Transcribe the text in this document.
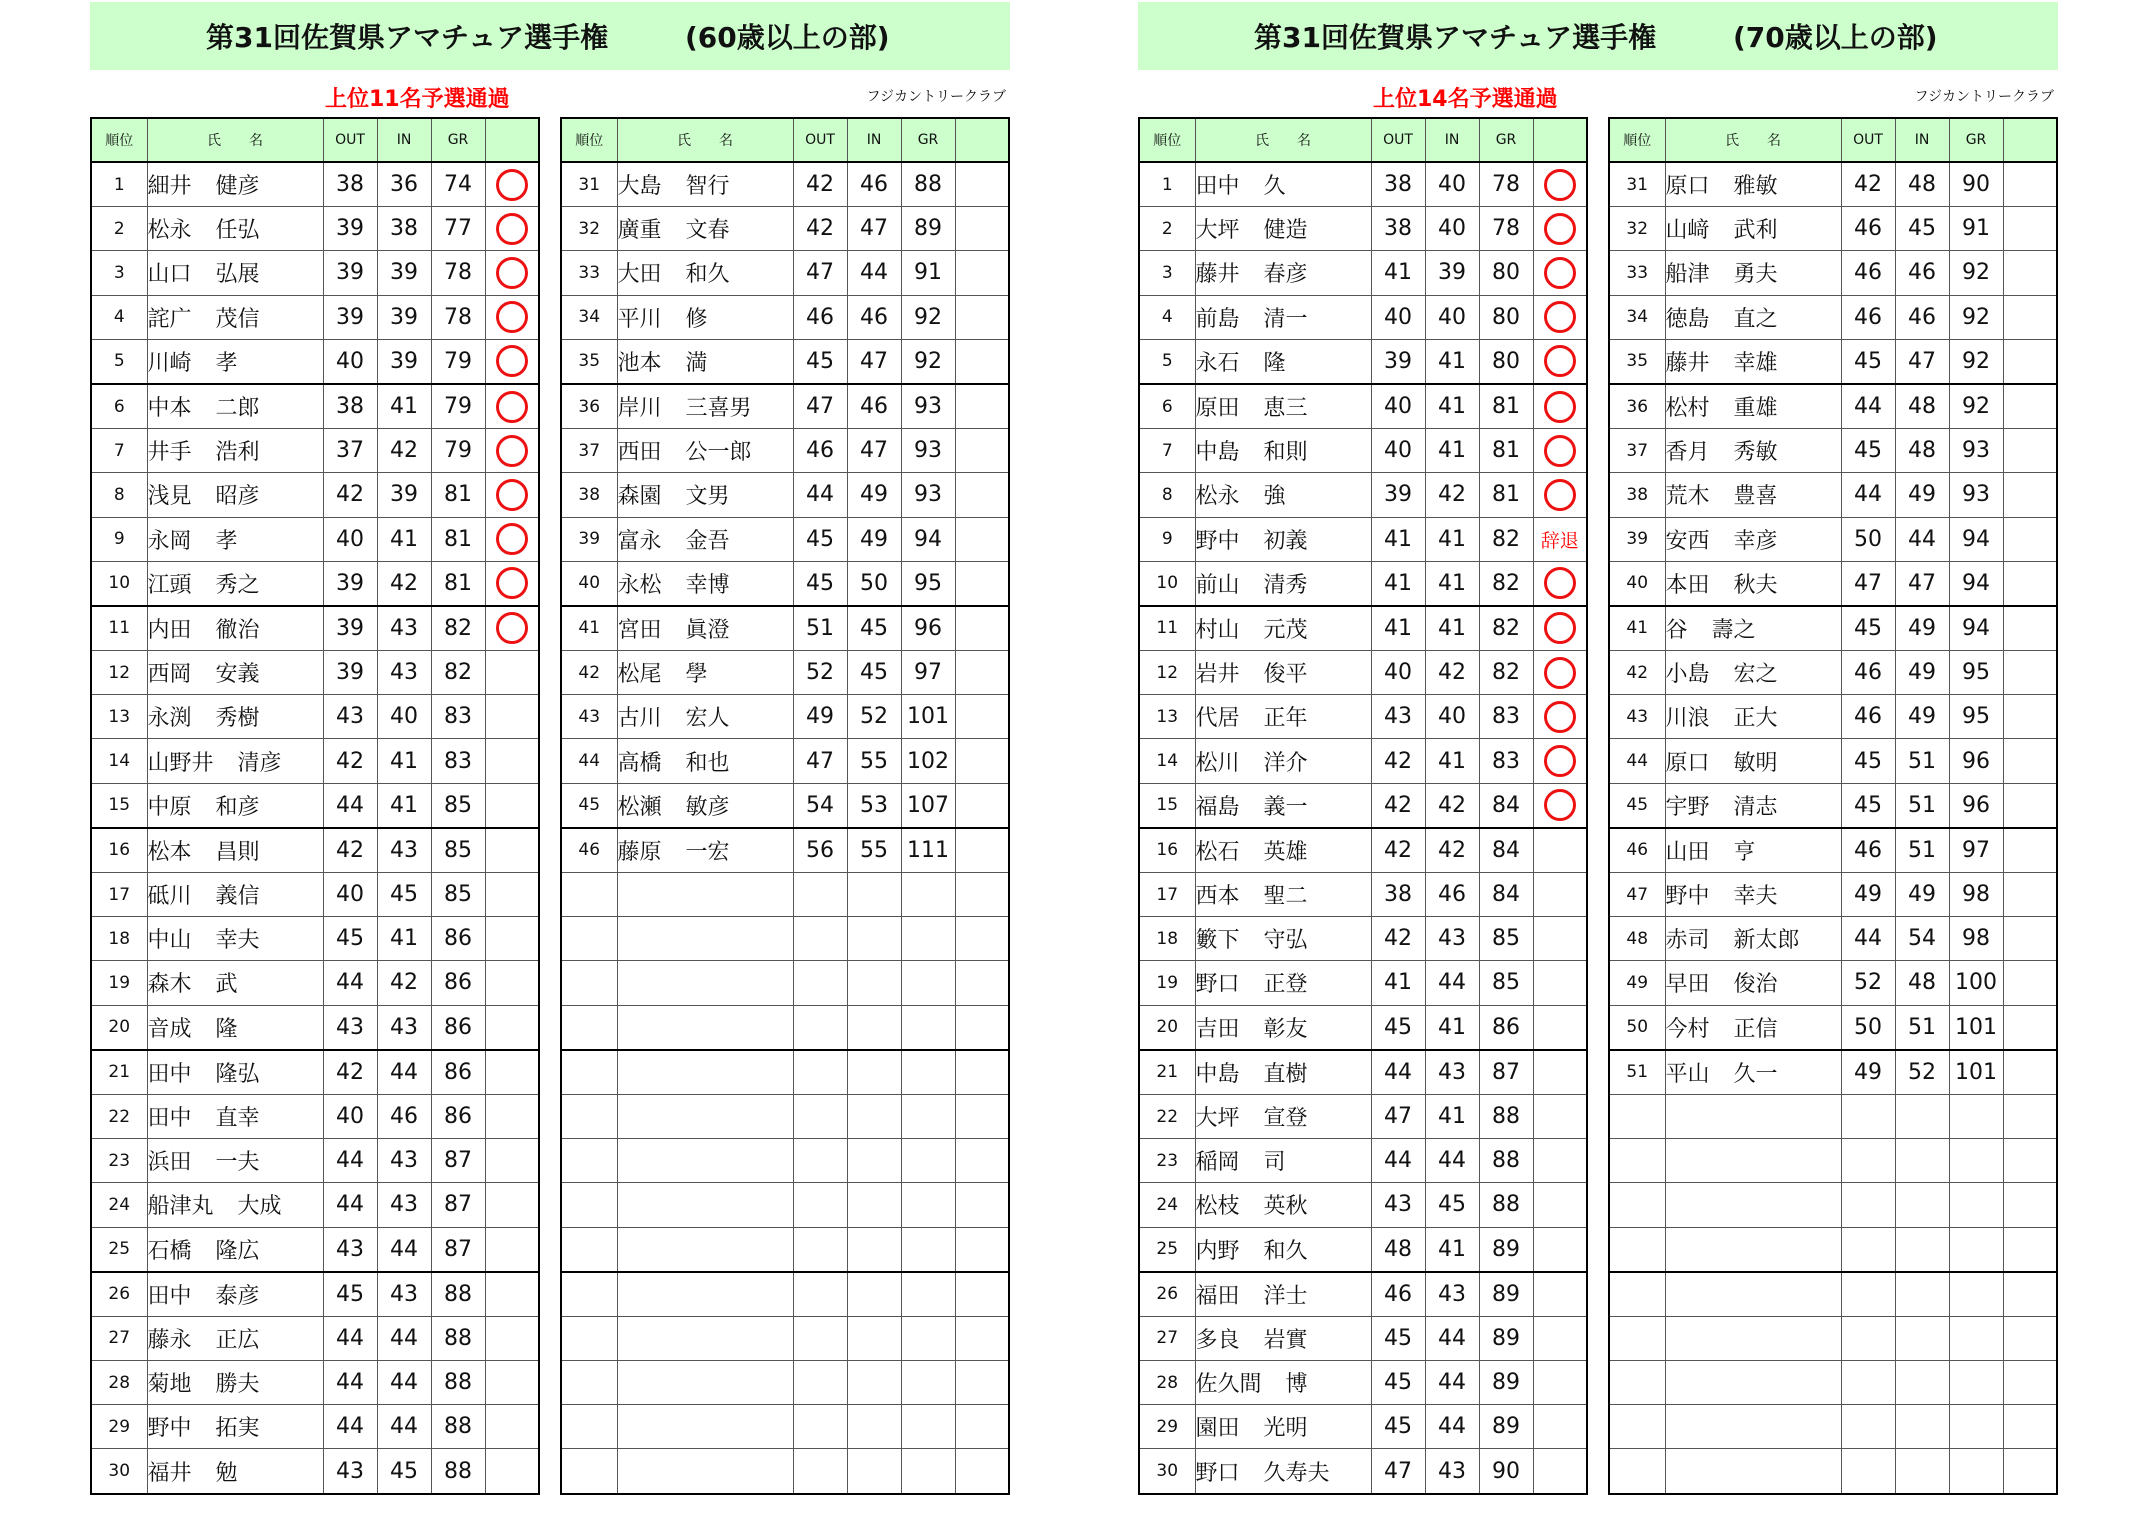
第31回佐賀県アマチュア選手権	(60歳以上の部)
上位11名予選通過	フジカントリークラブ
順位	氏　　名	OUT	IN	GR	
1	細井 健彦	38	36	74	
2	松永 任弘	39	38	77	
3	山口 弘展	39	39	78	
4	詫广 茂信	39	39	78	
5	川崎 孝	40	39	79	
6	中本 二郎	38	41	79	
7	井手 浩利	37	42	79	
8	浅見 昭彦	42	39	81	
9	永岡 孝	40	41	81	
10	江頭 秀之	39	42	81	
11	内田 徹治	39	43	82	
12	西岡 安義	39	43	82	
13	永渕 秀樹	43	40	83	
14	山野井 清彦	42	41	83	
15	中原 和彦	44	41	85	
16	松本 昌則	42	43	85	
17	砥川 義信	40	45	85	
18	中山 幸夫	45	41	86	
19	森木 武	44	42	86	
20	音成 隆	43	43	86	
21	田中 隆弘	42	44	86	
22	田中 直幸	40	46	86	
23	浜田 一夫	44	43	87	
24	船津丸 大成	44	43	87	
25	石橋 隆広	43	44	87	
26	田中 泰彦	45	43	88	
27	藤永 正広	44	44	88	
28	菊地 勝夫	44	44	88	
29	野中 拓実	44	44	88	
30	福井 勉	43	45	88	
順位	氏　　名	OUT	IN	GR	
31	大島 智行	42	46	88	
32	廣重 文春	42	47	89	
33	大田 和久	47	44	91	
34	平川 修	46	46	92	
35	池本 満	45	47	92	
36	岸川 三喜男	47	46	93	
37	西田 公一郎	46	47	93	
38	森園 文男	44	49	93	
39	富永 金吾	45	49	94	
40	永松 幸博	45	50	95	
41	宮田 眞澄	51	45	96	
42	松尾 學	52	45	97	
43	古川 宏人	49	52	101	
44	高橋 和也	47	55	102	
45	松瀬 敏彦	54	53	107	
46	藤原 一宏	56	55	111	

第31回佐賀県アマチュア選手権	(70歳以上の部)
上位14名予選通過	フジカントリークラブ
順位	氏　　名	OUT	IN	GR	
1	田中 久	38	40	78	
2	大坪 健造	38	40	78	
3	藤井 春彦	41	39	80	
4	前島 清一	40	40	80	
5	永石 隆	39	41	80	
6	原田 恵三	40	41	81	
7	中島 和則	40	41	81	
8	松永 強	39	42	81	
9	野中 初義	41	41	82	辞退
10	前山 清秀	41	41	82	
11	村山 元茂	41	41	82	
12	岩井 俊平	40	42	82	
13	代居 正年	43	40	83	
14	松川 洋介	42	41	83	
15	福島 義一	42	42	84	
16	松石 英雄	42	42	84	
17	西本 聖二	38	46	84	
18	籔下 守弘	42	43	85	
19	野口 正登	41	44	85	
20	吉田 彰友	45	41	86	
21	中島 直樹	44	43	87	
22	大坪 宣登	47	41	88	
23	稲岡 司	44	44	88	
24	松枝 英秋	43	45	88	
25	内野 和久	48	41	89	
26	福田 洋士	46	43	89	
27	多良 岩實	45	44	89	
28	佐久間 博	45	44	89	
29	園田 光明	45	44	89	
30	野口 久寿夫	47	43	90	
順位	氏　　名	OUT	IN	GR	
31	原口 雅敏	42	48	90	
32	山﨑 武利	46	45	91	
33	船津 勇夫	46	46	92	
34	徳島 直之	46	46	92	
35	藤井 幸雄	45	47	92	
36	松村 重雄	44	48	92	
37	香月 秀敏	45	48	93	
38	荒木 豊喜	44	49	93	
39	安西 幸彦	50	44	94	
40	本田 秋夫	47	47	94	
41	谷 壽之	45	49	94	
42	小島 宏之	46	49	95	
43	川浪 正大	46	49	95	
44	原口 敏明	45	51	96	
45	宇野 清志	45	51	96	
46	山田 亨	46	51	97	
47	野中 幸夫	49	49	98	
48	赤司 新太郎	44	54	98	
49	早田 俊治	52	48	100	
50	今村 正信	50	51	101	
51	平山 久一	49	52	101	
